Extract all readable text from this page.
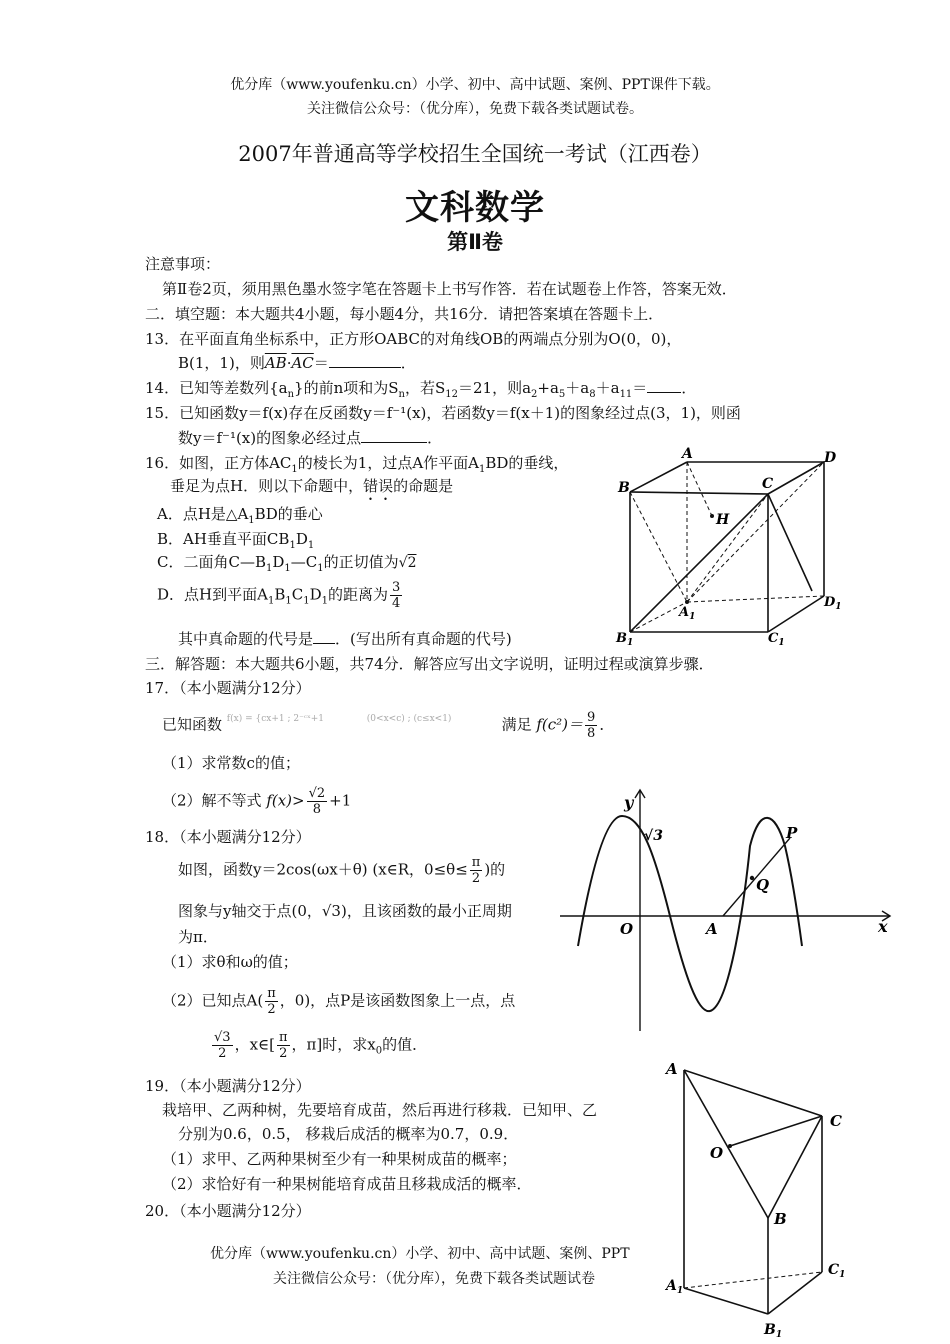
优分库（www.youfenku.cn）小学、初中、高中试题、案例、PPT课件下载。
关注微信公众号：（优分库），免费下载各类试题试卷。
2007年普通高等学校招生全国统一考试（江西卷）
文科数学
第Ⅱ卷
注意事项：
第Ⅱ卷2页，须用黑色墨水签字笔在答题卡上书写作答．若在试题卷上作答，答案无效．
二．填空题：本大题共4小题，每小题4分，共16分．请把答案填在答题卡上．
13．在平面直角坐标系中，正方形OABC的对角线OB的两端点分别为O(0，0)，
B(1，1)，则$\overline{AB}\cdot\overline{AC}=$	．
14．已知等差数列$\{a_n\}$的前n项和为$S_n$，若$S_{12}=21$，则$a_2+a_5+a_8+a_{11}=$ ．
15．已知函数y＝f(x)存在反函数y＝f⁻¹(x)，若函数y＝f(x＋1)的图象经过点(3，1)，则函
数y＝f⁻¹(x)的图象必经过点	．
16．如图，正方体$AC_1$的棱长为1，过点A作平面$A_1BD$的垂线，
垂足为点H．则以下命题中，错误的命题是
A．点H是$\triangle A_1BD$的垂心
B．AH垂直平面$CB_1D_1$
C．二面角$C—B_1D_1—C_1$的正切值为√2
D．点H到平面$A_1B_1C_1D_1$的距离为 $\frac{3}{4}$
其中真命题的代号是 ．(写出所有真命题的代号)
A	D
B	C
H
$A_1$
$D_1$
$B_1$	$C_1$
三．解答题：本大题共6小题，共74分．解答应写出文字说明，证明过程或演算步骤．
17．（本小题满分12分）
已知函数 f(x) = {cx+1 ; 2⁻ᶜˣ+1	(0<x<c) ; (c≤x<1)	满足 $f(c^2)= \frac{9}{8}$ ．
（1）求常数c的值；
（2）解不等式 $f(x)> \frac{√2}{8} +1$
18．（本小题满分12分）
如图，函数y＝2cos(ωx＋θ) (x∈R，$0\le\theta\le \frac{\pi}{2}$ )的
图象与y轴交于点(0，√3)，且该函数的最小正周期
为π．
（1）求θ和ω的值；
（2）已知点$A( \frac{\pi}{2}$ ，0)，点P是该函数图象上一点，点
$\frac{√3}{2}$ ，x∈[ $\frac{\pi}{2}$ ，π]时，求$x_0$的值．
y
√3
O	A
Q
P
x
19．（本小题满分12分）
栽培甲、乙两种树，先要培育成苗，然后再进行移栽．已知甲、乙
分别为0.6，0.5， 移栽后成活的概率为0.7，0.9．
（1）求甲、乙两种果树至少有一种果树成苗的概率；
（2）求恰好有一种果树能培育成苗且移栽成活的概率．
20．（本小题满分12分）
优分库（www.youfenku.cn）小学、初中、高中试题、案例、PPT
关注微信公众号：（优分库），免费下载各类试题试卷
A
C
O
B
$A_1$
$C_1$
$B_1$
